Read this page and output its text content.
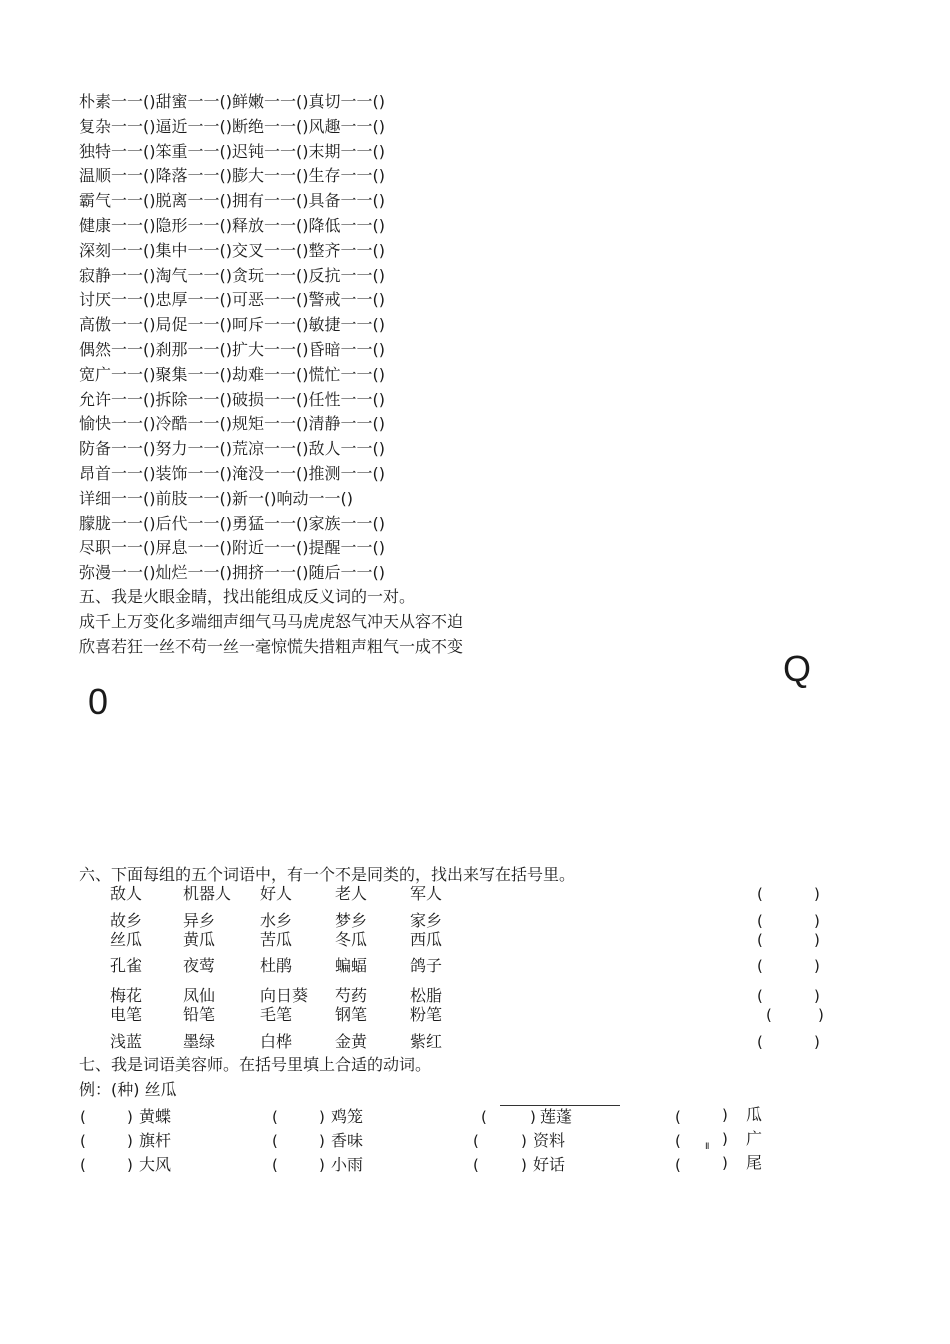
朴素一一()甜蜜一一()鲜嫩一一()真切一一()
复杂一一()逼近一一()断绝一一()风趣一一()
独特一一()笨重一一()迟钝一一()末期一一()
温顺一一()降落一一()膨大一一()生存一一()
霸气一一()脱离一一()拥有一一()具备一一()
健康一一()隐形一一()释放一一()降低一一()
深刻一一()集中一一()交叉一一()整齐一一()
寂静一一()淘气一一()贪玩一一()反抗一一()
讨厌一一()忠厚一一()可恶一一()警戒一一()
高傲一一()局促一一()呵斥一一()敏捷一一()
偶然一一()刹那一一()扩大一一()昏暗一一()
宽广一一()聚集一一()劫难一一()慌忙一一()
允许一一()拆除一一()破损一一()任性一一()
愉快一一()冷酷一一()规矩一一()清静一一()
防备一一()努力一一()荒凉一一()敌人一一()
昂首一一()装饰一一()淹没一一()推测一一()
详细一一()前肢一一()新一()响动一一()
朦胧一一()后代一一()勇猛一一()家族一一()
尽职一一()屏息一一()附近一一()提醒一一()
弥漫一一()灿烂一一()拥挤一一()随后一一()
五、我是火眼金睛，找出能组成反义词的一对。
成千上万变化多端细声细气马马虎虎怒气冲天从容不迫
欣喜若狂一丝不苟一丝一毫惊慌失措粗声粗气一成不变
Q
0
六、下面每组的五个词语中，有一个不是同类的，找出来写在括号里。
敌人	机器人 好人	老人	军人	(	)
故乡	异乡	水乡	梦乡	家乡	(	)
丝瓜	黄瓜	苦瓜	冬瓜	西瓜	(	)
孔雀	夜莺	杜鹃	蝙蝠	鸽子	(	)
梅花	凤仙	向日葵 芍药	松脂	(	)
电笔	铅笔	毛笔	钢笔	粉笔	(	)
浅蓝	墨绿	白桦	金黄	紫红	(	)
七、我是词语美容师。在括号里填上合适的动词。
例：(种) 丝瓜
(	) 黄蝶	(	) 鸡笼	(	) 莲蓬	(	) 瓜
(	) 旗杆	(	) 香味	(	) 资料	(	) 广
(	) 大风	(	) 小雨	(	) 好话	(	) 尾
Ⅱ
